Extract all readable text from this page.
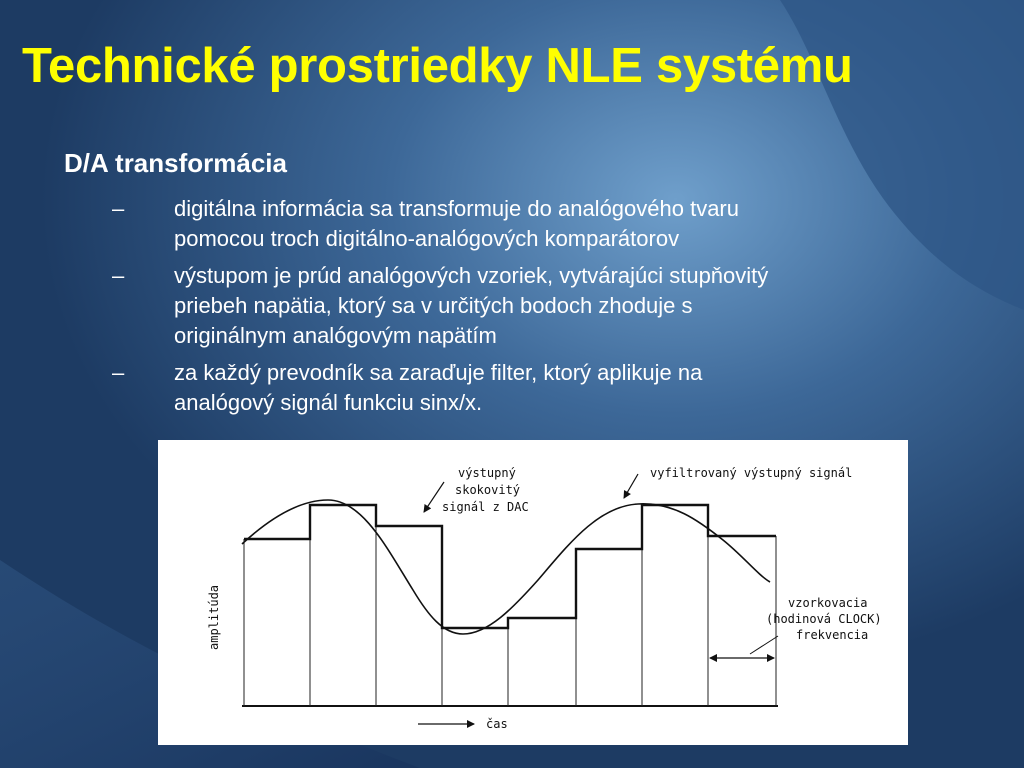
Technické prostriedky NLE systému
D/A transformácia
–	digitálna informácia sa transformuje do analógového tvaru
pomocou troch digitálno-analógových komparátorov
–	výstupom je prúd analógových vzoriek, vytvárajúci stupňovitý
priebeh napätia, ktorý sa v určitých bodoch zhoduje s
originálnym analógovým napätím
–	za každý prevodník sa zaraďuje filter, ktorý aplikuje na
analógový signál funkciu sinx/x.
amplitúda
čas
výstupný
skokovitý
signál z DAC
vyfiltrovaný výstupný signál
vzorkovacia
(hodinová CLOCK)
frekvencia
